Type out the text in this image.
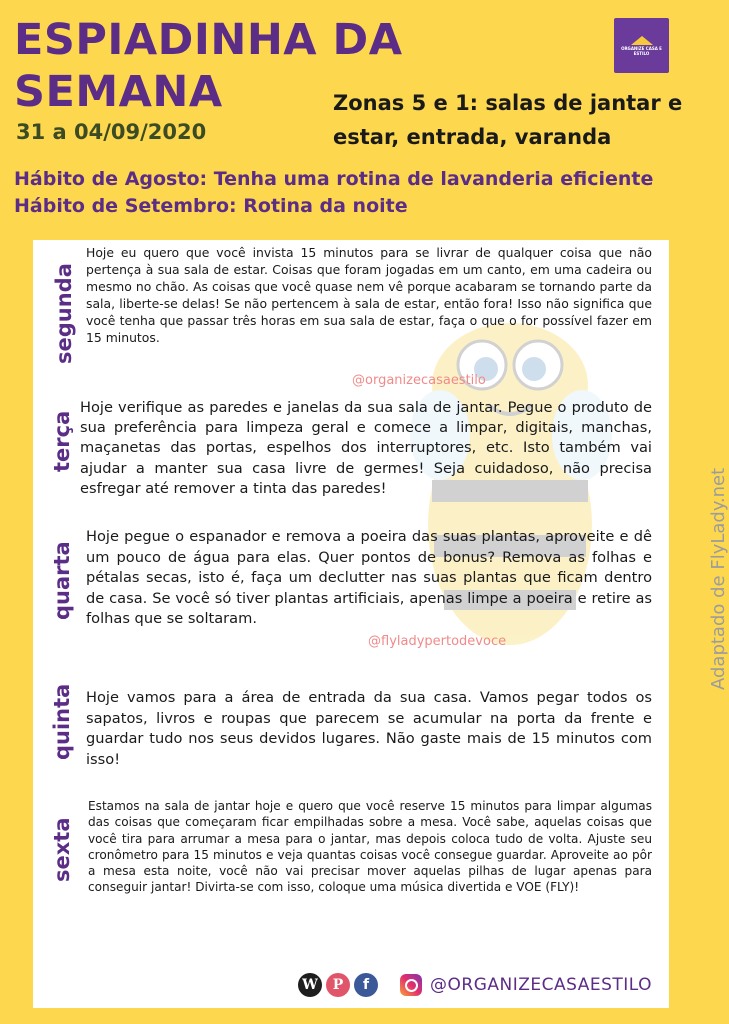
ESPIADINHA DA
SEMANA
31 a 04/09/2020
Zonas 5 e 1: salas de jantar e
estar, entrada, varanda
ORGANIZE CASA E ESTILO
Hábito de Agosto: Tenha uma rotina de lavanderia eficiente
Hábito de Setembro: Rotina da noite
segunda
Hoje eu quero que você invista 15 minutos para se livrar de qualquer coisa que não pertença à sua sala de estar. Coisas que foram jogadas em um canto, em uma cadeira ou mesmo no chão. As coisas que você quase nem vê porque acabaram se tornando parte da sala, liberte-se delas! Se não pertencem à sala de estar, então fora! Isso não significa que você tenha que passar três horas em sua sala de estar, faça o que o for possível fazer em 15 minutos.
@organizecasaestilo
terça
Hoje verifique as paredes e janelas da sua sala de jantar. Pegue o produto de sua preferência para limpeza geral e comece a limpar, digitais, manchas, maçanetas das portas, espelhos dos interruptores, etc. Isto também vai ajudar a manter sua casa livre de germes! Seja cuidadoso, não precisa esfregar até remover a tinta das paredes!
quarta
Hoje pegue o espanador e remova a poeira das suas plantas, aproveite e dê um pouco de água para elas. Quer pontos de bonus? Remova as folhas e pétalas secas, isto é, faça um declutter nas suas plantas que ficam dentro de casa. Se você só tiver plantas artificiais, apenas limpe a poeira e retire as folhas que se soltaram.
@flyladypertodevoce
quinta Hoje vamos para a área de entrada da sua casa. Vamos pegar todos os sapatos, livros e roupas que parecem se acumular na porta da frente e guardar tudo nos seus devidos lugares. Não gaste mais de 15 minutos com isso!
sexta
Estamos na sala de jantar hoje e quero que você reserve 15 minutos para limpar algumas das coisas que começaram ficar empilhadas sobre a mesa. Você sabe, aquelas coisas que você tira para arrumar a mesa para o jantar, mas depois coloca tudo de volta. Ajuste seu cronômetro para 15 minutos e veja quantas coisas você consegue guardar. Aproveite ao pôr a mesa esta noite, você não vai precisar mover aquelas pilhas de lugar apenas para conseguir jantar! Divirta-se com isso, coloque uma música divertida e VOE (FLY)!
Adaptado de FlyLady.net
W	P	f	@ORGANIZECASAESTILO
